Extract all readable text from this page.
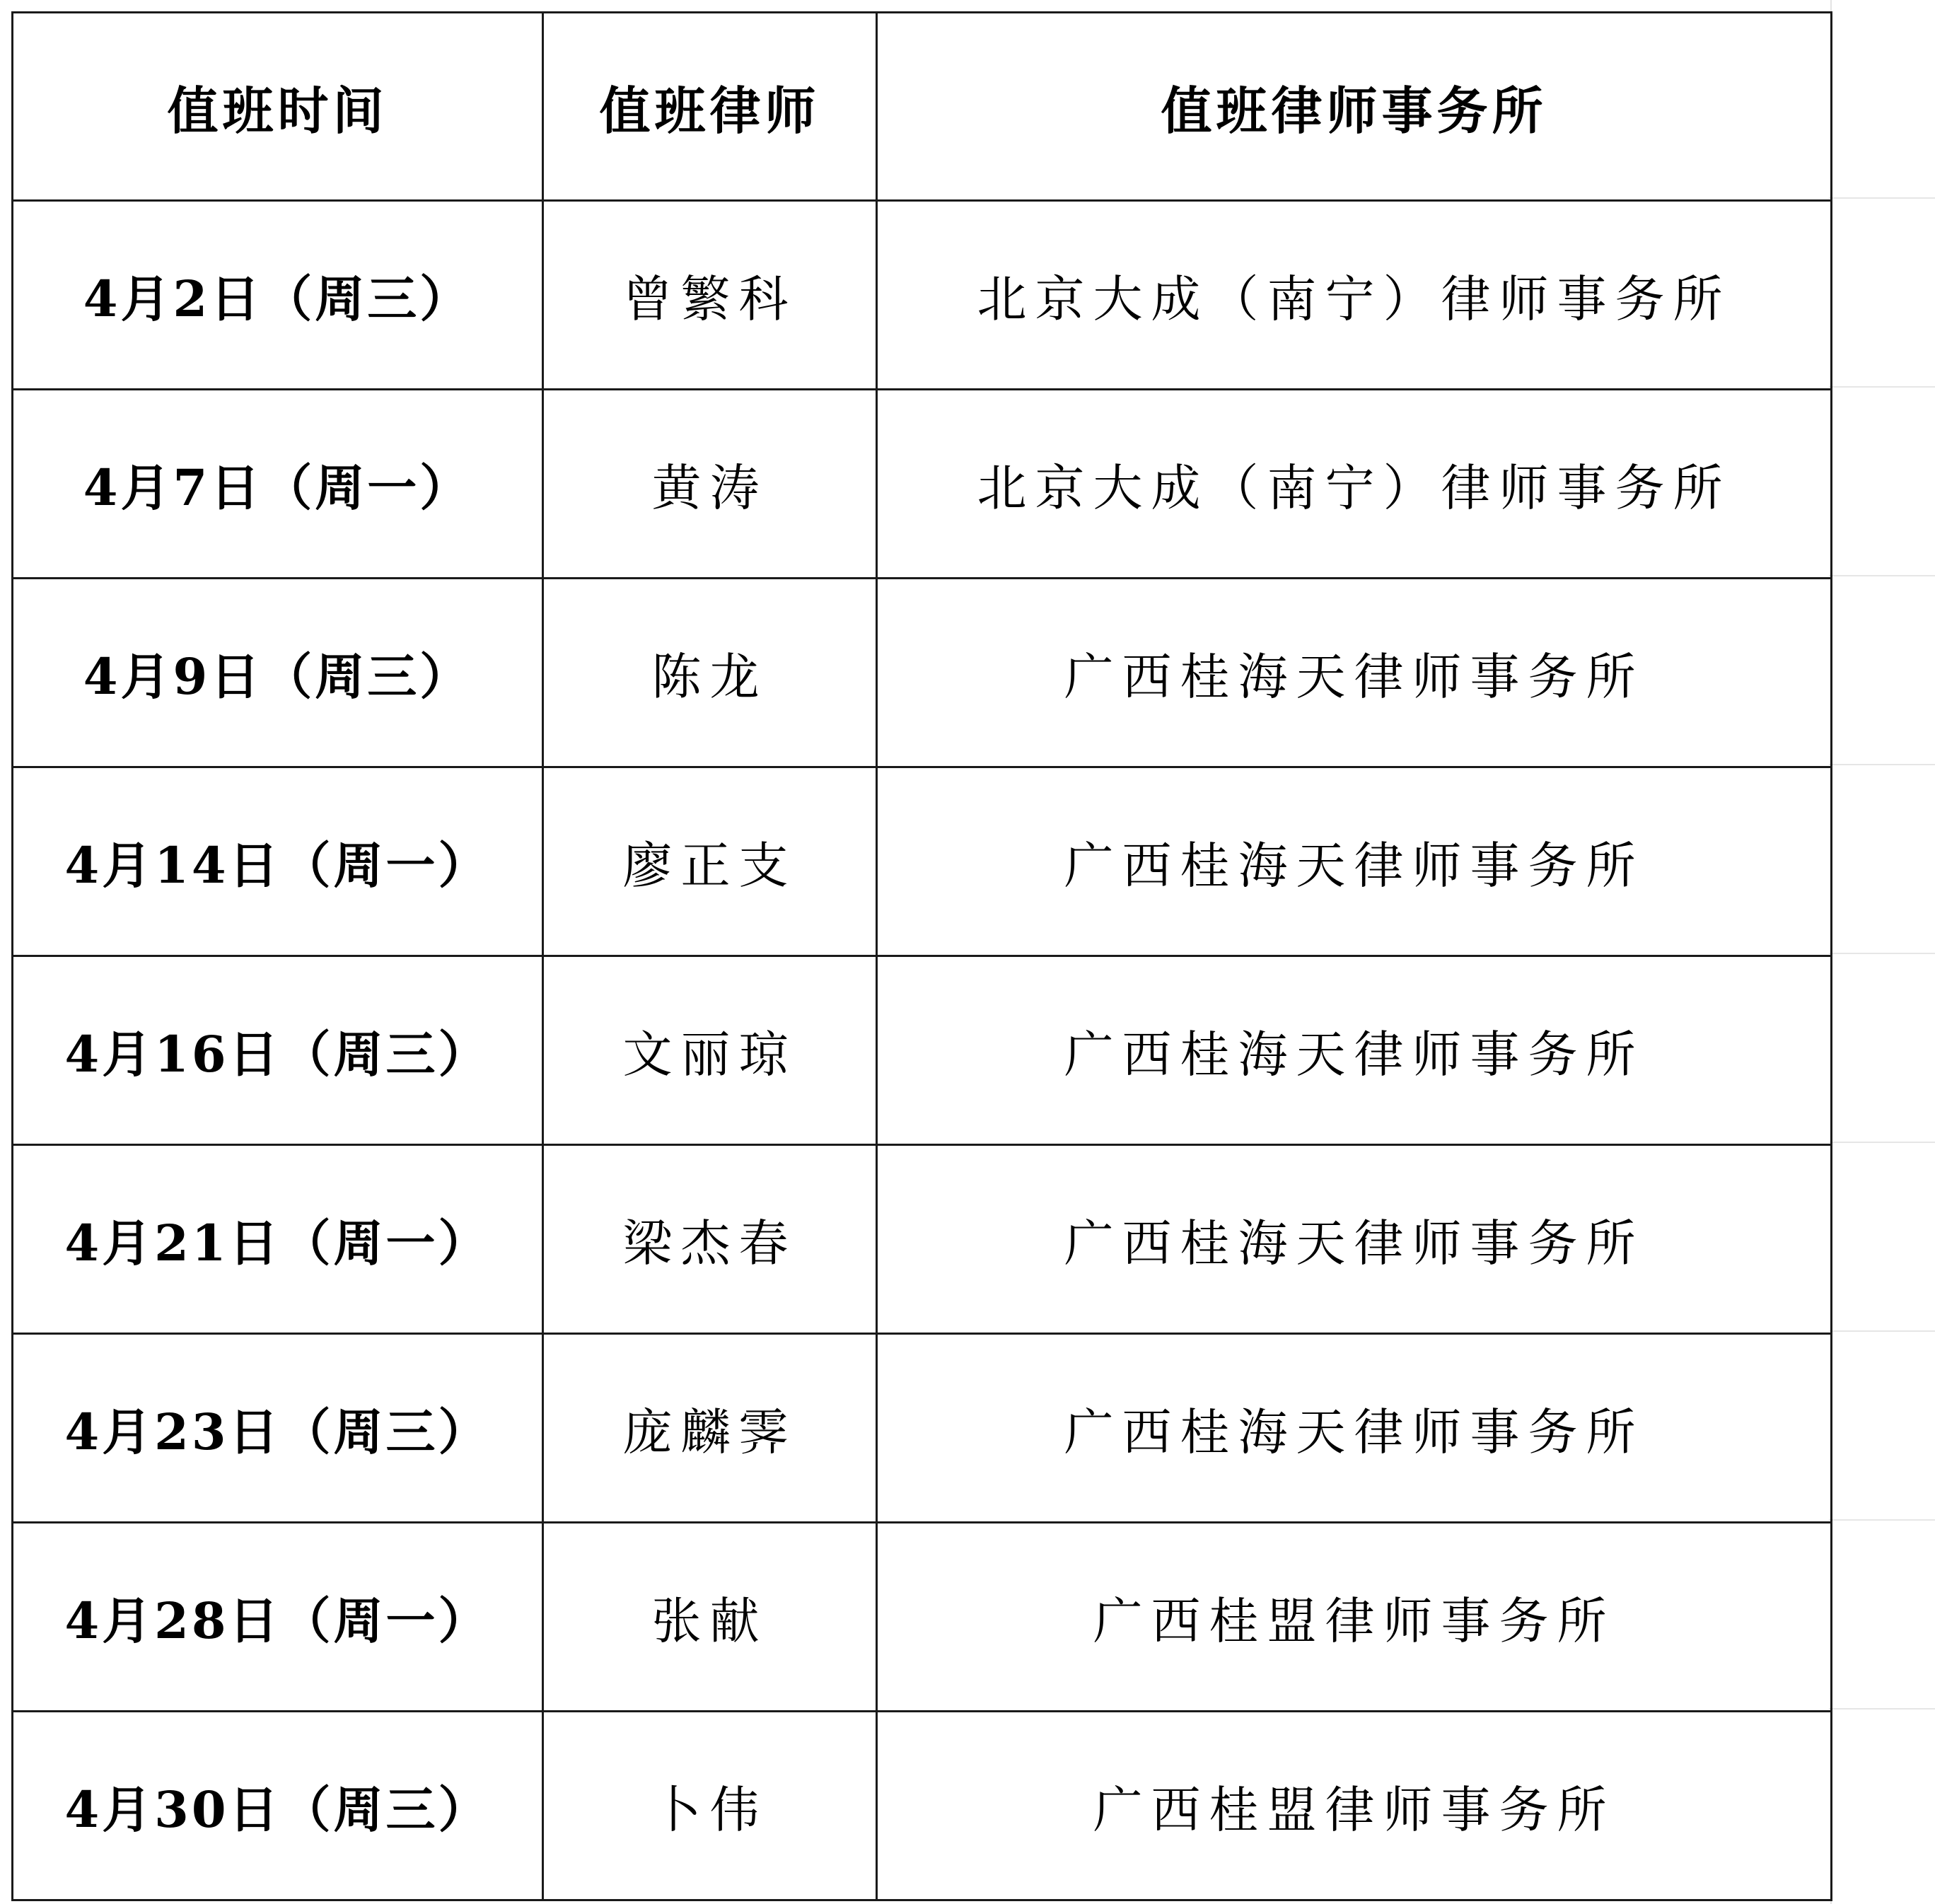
值班时间	值班律师	值班律师事务所
4月2日（周三）	曾繁科	北京大成（南宁）律师事务所
4月7日（周一）	黄涛	北京大成（南宁）律师事务所
4月9日（周三）	陈龙	广西桂海天律师事务所
4月14日（周一）	廖正支	广西桂海天律师事务所
4月16日（周三）	文丽琼	广西桂海天律师事务所
4月21日（周一）	梁杰春	广西桂海天律师事务所
4月23日（周三）	庞麟霁	广西桂海天律师事务所
4月28日（周一）	张献	广西桂盟律师事务所
4月30日（周三）	卜伟	广西桂盟律师事务所
